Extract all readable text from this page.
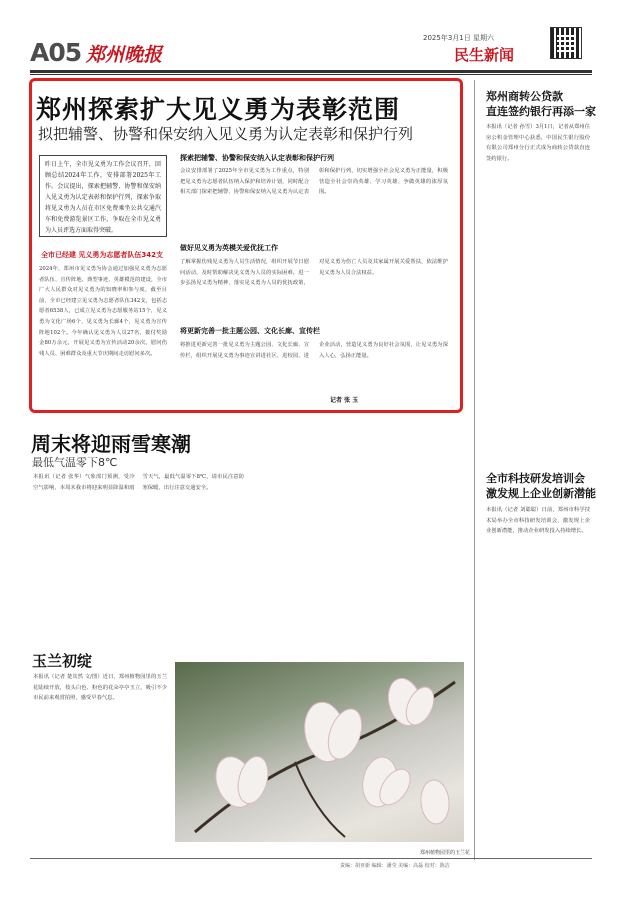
A05 郑州晚报
2025年3月1日 星期六
民生新闻
郑州探索扩大见义勇为表彰范围
拟把辅警、协警和保安纳入见义勇为认定表彰和保护行列
昨日上午，全市见义勇为工作会议召开，回顾总结2024年工作，安排部署2025年工作。会议提出，探索把辅警、协警和保安纳入见义勇为认定表彰和保护行列，探索争取将见义勇为人员在市区免费乘坐公共交通汽车和免费游览景区工作，争取在全市见义勇为人员评选方面取得突破。
全市已经建 见义勇为志愿者队伍342支
2024年，郑州市见义勇为协会通过加强见义勇为志愿者队伍、宣传阵地、典型事迹、英雄模范的建设，全市广大人民群众对见义勇为的知晓率和参与度，截至目前，全市已经建立见义勇为志愿者队伍342支，包括志愿者6538人，已成立见义勇为志愿服务站15个，见义勇为文化广场6个，见义勇为长廊4个，见义勇为宣传阵地102个。今年确认见义勇为人员27名，拨付奖励金80万余元，开展见义勇为宣传活动20余次，慰问伤残人员、困难群众及重大节庆期间走访慰问多次。
探索把辅警、协警和保安纳入认定表彰和保护行列
会议安排部署了2025年全市见义勇为工作重点，特别把见义勇为志愿者队伍纳入保护和培养计划，同时配合相关部门探索把辅警、协警和保安纳入见义勇为认定表彰和保护行列，切实增强全社会见义勇为正能量，积极营造全社会崇尚英雄、学习英雄、争做英雄的浓厚氛围。
做好见义勇为英模关爱优抚工作
了解掌握伤残见义勇为人员生活情况，组织开展节日慰问活动，及时帮助解决见义勇为人员的实际困难，进一步弘扬见义勇为精神，落实见义勇为人员的优抚政策，对见义勇为伤亡人员及其家属开展关爱帮扶，依法维护见义勇为人员合法权益。
将更新完善一批主题公园、文化长廊、宣传栏
将推进更新完善一批见义勇为主题公园、文化长廊、宣传栏，组织开展见义勇为事迹宣讲进社区、进校园、进企业活动，营造见义勇为良好社会氛围，让见义勇为深入人心，弘扬正能量。
记者 张 玉
郑州商转公贷款
直连签约银行再添一家
本报讯（记者 孙雪）3月1日，记者从郑州住房公积金管理中心获悉，中国民生银行股份有限公司郑州分行正式成为商转公贷款直连签约银行。
全市科技研发培训会
激发规上企业创新潜能
本报讯（记者 刘聪聪）日前，郑州市科学技术局举办全市科技研发培训会，激发规上企业创新潜能，推动企业研发投入持续增长。
周末将迎雨雪寒潮
最低气温零下8℃
本报讯（记者 张华）气象部门预测，受冷空气影响，本周末我市将迎来明显降温和雨雪天气，最低气温零下8℃，请市民注意防寒保暖，出行注意交通安全。
玉兰初绽
本报讯（记者 楚其然 文/图）近日，郑州植物园里的玉兰花陆续开放，枝头白色、粉色的花朵亭亭玉立，吸引不少市民前来观赏拍照，感受早春气息。
郑州植物园里的玉兰花
责编：胡亚新 编辑：潘莹 美编：高磊 校对：陈洁
